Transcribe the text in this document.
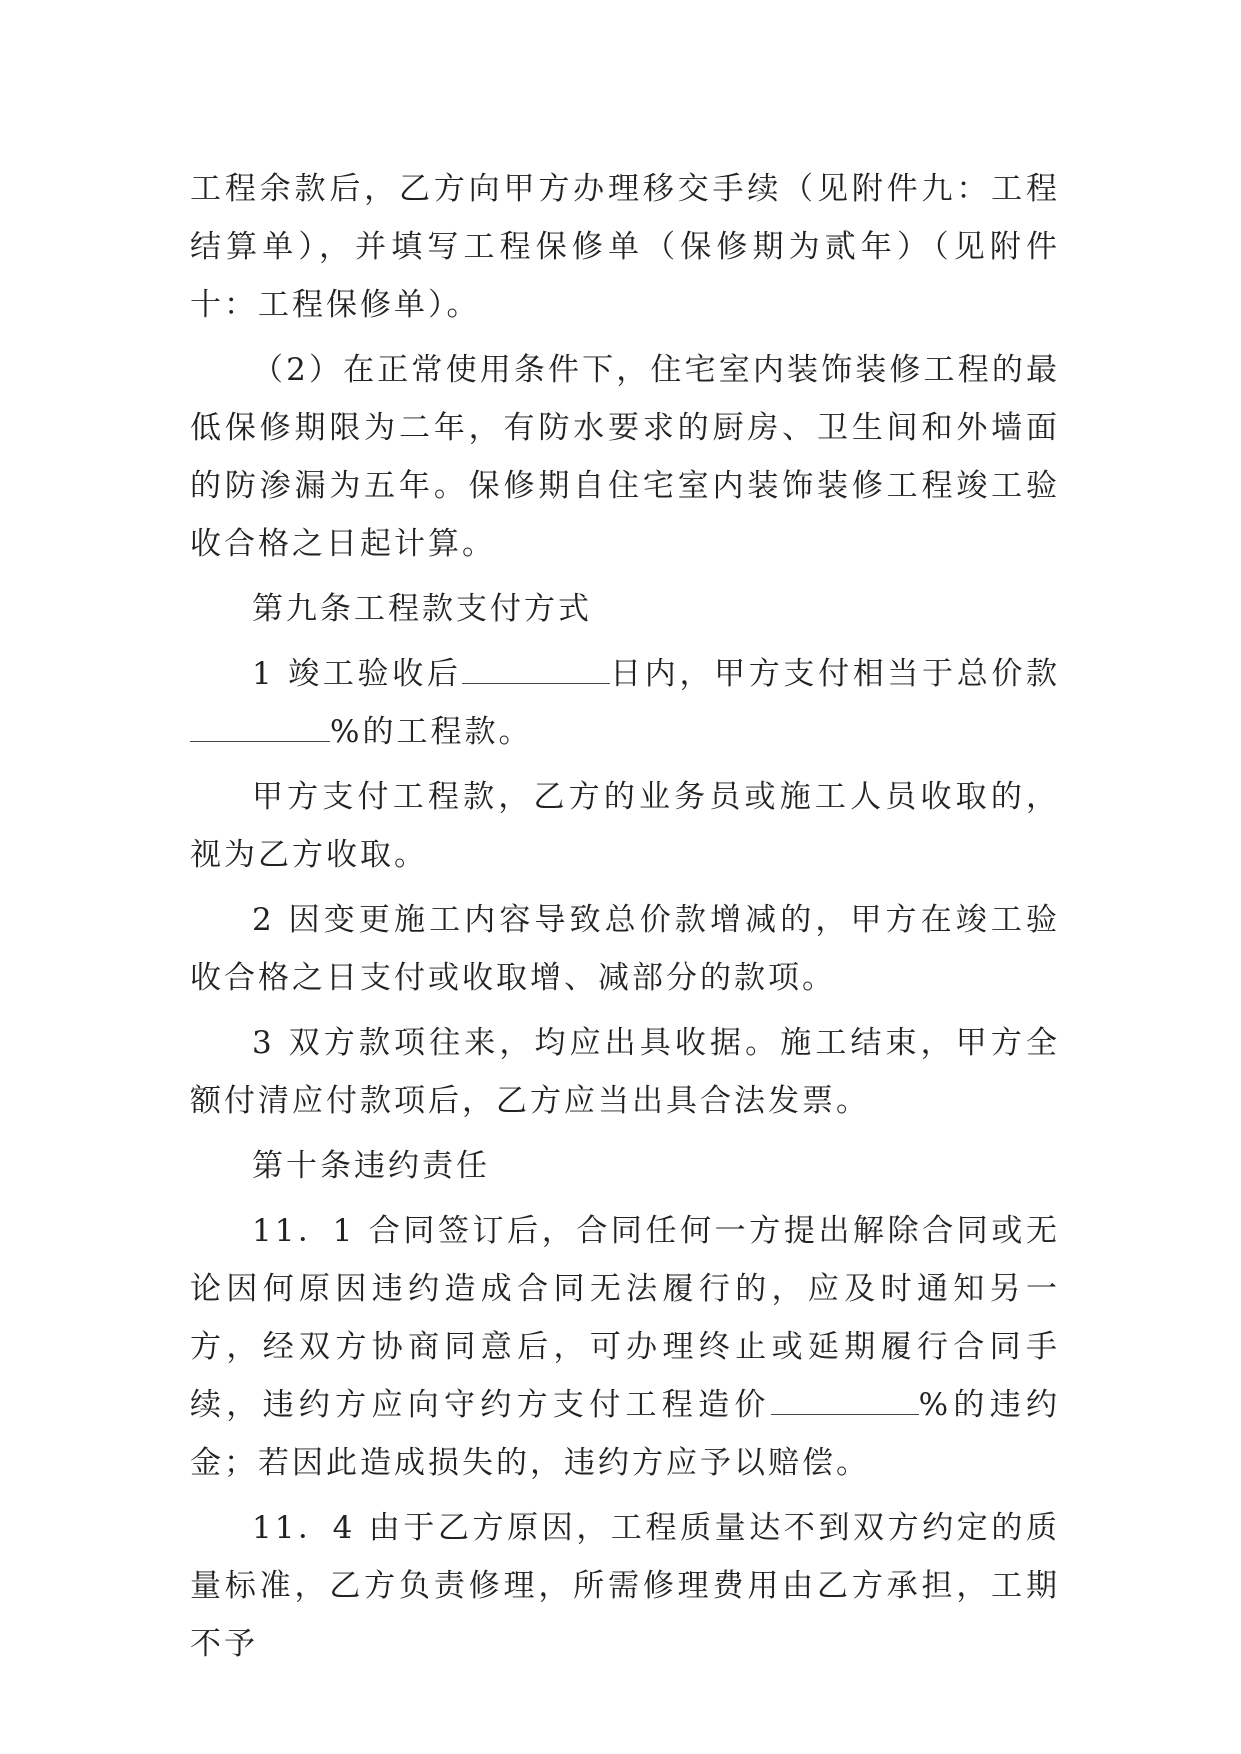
工程余款后，乙方向甲方办理移交手续（见附件九：工程结算单），并填写工程保修单（保修期为贰年）（见附件十：工程保修单）。

（2）在正常使用条件下，住宅室内装饰装修工程的最低保修期限为二年，有防水要求的厨房、卫生间和外墙面的防渗漏为五年。保修期自住宅室内装饰装修工程竣工验收合格之日起计算。

第九条工程款支付方式

1 竣工验收后	日内，甲方支付相当于总价款%的工程款。

甲方支付工程款，乙方的业务员或施工人员收取的，视为乙方收取。

2 因变更施工内容导致总价款增减的，甲方在竣工验收合格之日支付或收取增、减部分的款项。

3 双方款项往来，均应出具收据。施工结束，甲方全额付清应付款项后，乙方应当出具合法发票。

第十条违约责任

11．1 合同签订后，合同任何一方提出解除合同或无论因何原因违约造成合同无法履行的，应及时通知另一方，经双方协商同意后，可办理终止或延期履行合同手续，违约方应向守约方支付工程造价	%的违约金；若因此造成损失的，违约方应予以赔偿。

11．4 由于乙方原因，工程质量达不到双方约定的质量标准，乙方负责修理，所需修理费用由乙方承担，工期不予
